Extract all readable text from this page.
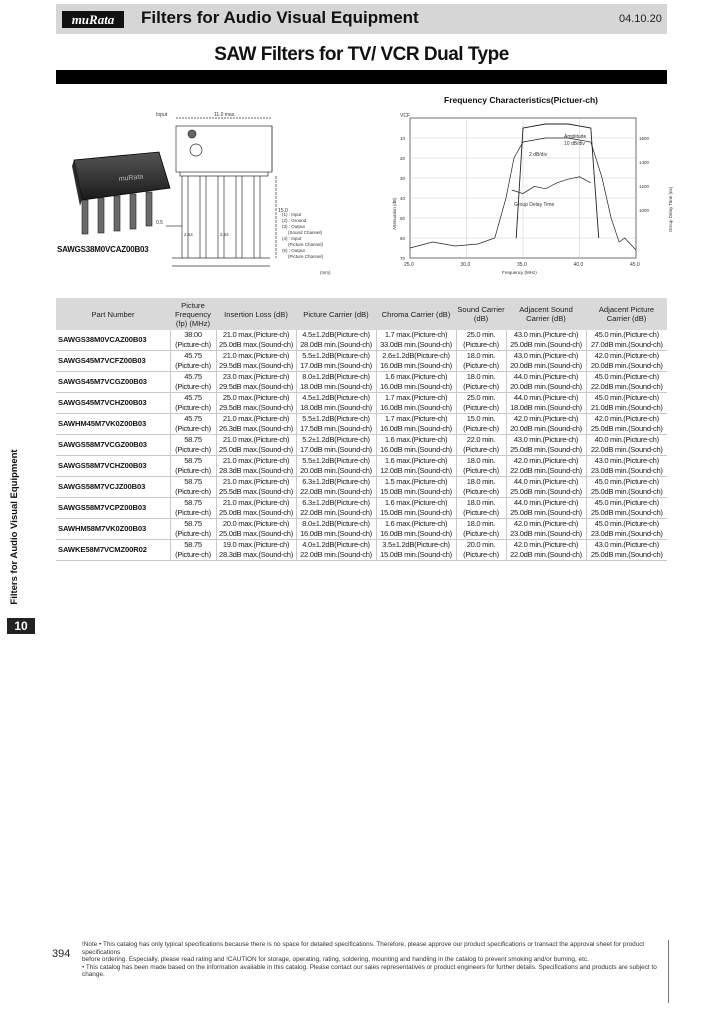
muRata	Filters for Audio Visual Equipment	04.10.20
SAW Filters for TV/ VCR Dual Type
muRata
SAWGS38M0VCAZ00B03
Input	11.0 max.
15.0
0.5
2.54	2.54
(1) : Input
(2) : Ground
(3) : Output
(Sound Channel)
(4) : Input
(Picture Channel)
(5) : Output
(Picture Channel)
(mm)
Frequency Characteristics(Pictuer-ch)
25.0	30.0	35.0	40.0	45.0
10
20
30
40
50
60
70
1600
1400
1200
1000
VCF
Amplitude
10 dB/div
2 dB/div
Group Delay Time
Attenuation (dB)	Group Delay Time (ns)
Frequency (MHz)
Part Number	Picture Frequency (fp) (MHz)	Insertion Loss (dB)	Picture Carrier (dB)	Chroma Carrier (dB)	Sound Carrier (dB)	Adjacent Sound Carrier (dB)	Adjacent Picture Carrier (dB)
SAWGS38M0VCAZ00B03	38.00	21.0 max.(Picture-ch)	4.5±1.2dB(Picture-ch)	1.7 max.(Picture-ch)	25.0 min.	43.0 min.(Picture-ch)	45.0 min.(Picture-ch)
	(Picture-ch)	25.0dB max.(Sound-ch)	28.0dB min.(Sound-ch)	33.0dB min.(Sound-ch)	(Picture-ch)	25.0dB min.(Sound-ch)	27.0dB min.(Sound-ch)
SAWGS45M7VCFZ00B03	45.75	21.0 max.(Picture-ch)	5.5±1.2dB(Picture-ch)	2.6±1.2dB(Picture-ch)	18.0 min.	43.0 min.(Picture-ch)	42.0 min.(Picture-ch)
	(Picture-ch)	29.5dB max.(Sound-ch)	17.0dB min.(Sound-ch)	16.0dB min.(Sound-ch)	(Picture-ch)	20.0dB min.(Sound-ch)	20.0dB min.(Sound-ch)
SAWGS45M7VCGZ00B03	45.75	23.0 max.(Picture-ch)	8.0±1.2dB(Picture-ch)	1.6 max.(Picture-ch)	18.0 min.	44.0 min.(Picture-ch)	45.0 min.(Picture-ch)
	(Picture-ch)	29.5dB max.(Sound-ch)	18.0dB min.(Sound-ch)	16.0dB min.(Sound-ch)	(Picture-ch)	20.0dB min.(Sound-ch)	22.0dB min.(Sound-ch)
SAWGS45M7VCHZ00B03	45.75	25.0 max.(Picture-ch)	4.5±1.2dB(Picture-ch)	1.7 max.(Picture-ch)	25.0 min.	44.0 min.(Picture-ch)	45.0 min.(Picture-ch)
	(Picture-ch)	29.5dB max.(Sound-ch)	18.0dB min.(Sound-ch)	16.0dB min.(Sound-ch)	(Picture-ch)	18.0dB min.(Sound-ch)	21.0dB min.(Sound-ch)
SAWHM45M7VK0Z00B03	45.75	21.0 max.(Picture-ch)	5.5±1.2dB(Picture-ch)	1.7 max.(Picture-ch)	15.0 min.	42.0 min.(Picture-ch)	42.0 min.(Picture-ch)
	(Picture-ch)	26.3dB max.(Sound-ch)	17.5dB min.(Sound-ch)	16.0dB min.(Sound-ch)	(Picture-ch)	20.0dB min.(Sound-ch)	25.0dB min.(Sound-ch)
SAWGS58M7VCGZ00B03	58.75	21.0 max.(Picture-ch)	5.2±1.2dB(Picture-ch)	1.6 max.(Picture-ch)	22.0 min.	43.0 min.(Picture-ch)	40.0 min.(Picture-ch)
	(Picture-ch)	25.0dB max.(Sound-ch)	17.0dB min.(Sound-ch)	16.0dB min.(Sound-ch)	(Picture-ch)	25.0dB min.(Sound-ch)	22.0dB min.(Sound-ch)
SAWGS58M7VCHZ00B03	58.75	21.0 max.(Picture-ch)	5.5±1.2dB(Picture-ch)	1.6 max.(Picture-ch)	18.0 min.	42.0 min.(Picture-ch)	43.0 min.(Picture-ch)
	(Picture-ch)	28.3dB max.(Sound-ch)	20.0dB min.(Sound-ch)	12.0dB min.(Sound-ch)	(Picture-ch)	22.0dB min.(Sound-ch)	23.0dB min.(Sound-ch)
SAWGS58M7VCJZ00B03	58.75	21.0 max.(Picture-ch)	6.3±1.2dB(Picture-ch)	1.5 max.(Picture-ch)	18.0 min.	44.0 min.(Picture-ch)	45.0 min.(Picture-ch)
	(Picture-ch)	25.5dB max.(Sound-ch)	22.0dB min.(Sound-ch)	15.0dB min.(Sound-ch)	(Picture-ch)	25.0dB min.(Sound-ch)	25.0dB min.(Sound-ch)
SAWGS58M7VCPZ00B03	58.75	21.0 max.(Picture-ch)	6.3±1.2dB(Picture-ch)	1.6 max.(Picture-ch)	18.0 min.	44.0 min.(Picture-ch)	45.0 min.(Picture-ch)
	(Picture-ch)	25.0dB max.(Sound-ch)	22.0dB min.(Sound-ch)	15.0dB min.(Sound-ch)	(Picture-ch)	25.0dB min.(Sound-ch)	25.0dB min.(Sound-ch)
SAWHM58M7VK0Z00B03	58.75	20.0 max.(Picture-ch)	8.0±1.2dB(Picture-ch)	1.6 max.(Picture-ch)	18.0 min.	42.0 min.(Picture-ch)	45.0 min.(Picture-ch)
	(Picture-ch)	25.0dB max.(Sound-ch)	16.0dB min.(Sound-ch)	16.0dB min.(Sound-ch)	(Picture-ch)	23.0dB min.(Sound-ch)	23.0dB min.(Sound-ch)
SAWKE58M7VCMZ00R02	58.75	19.0 max.(Picture-ch)	4.0±1.2dB(Picture-ch)	3.5±1.2dB(Picture-ch)	20.0 min.	42.0 min.(Picture-ch)	43.0 min.(Picture-ch)
	(Picture-ch)	28.3dB max.(Sound-ch)	22.0dB min.(Sound-ch)	15.0dB min.(Sound-ch)	(Picture-ch)	22.0dB min.(Sound-ch)	25.0dB min.(Sound-ch)
Filters for Audio Visual Equipment
10
394
!Note • This catalog has only typical specifications because there is no space for detailed specifications. Therefore, please approve our product specifications or transact the approval sheet for product specifications
before ordering. Especially, please read rating and !CAUTION for storage, operating, rating, soldering, mounting and handling in the catalog to prevent smoking and/or burning, etc.
• This catalog has been made based on the information available in this catalog. Please contact our sales representatives or product engineers for further details. Specifications and products are subject to change.
